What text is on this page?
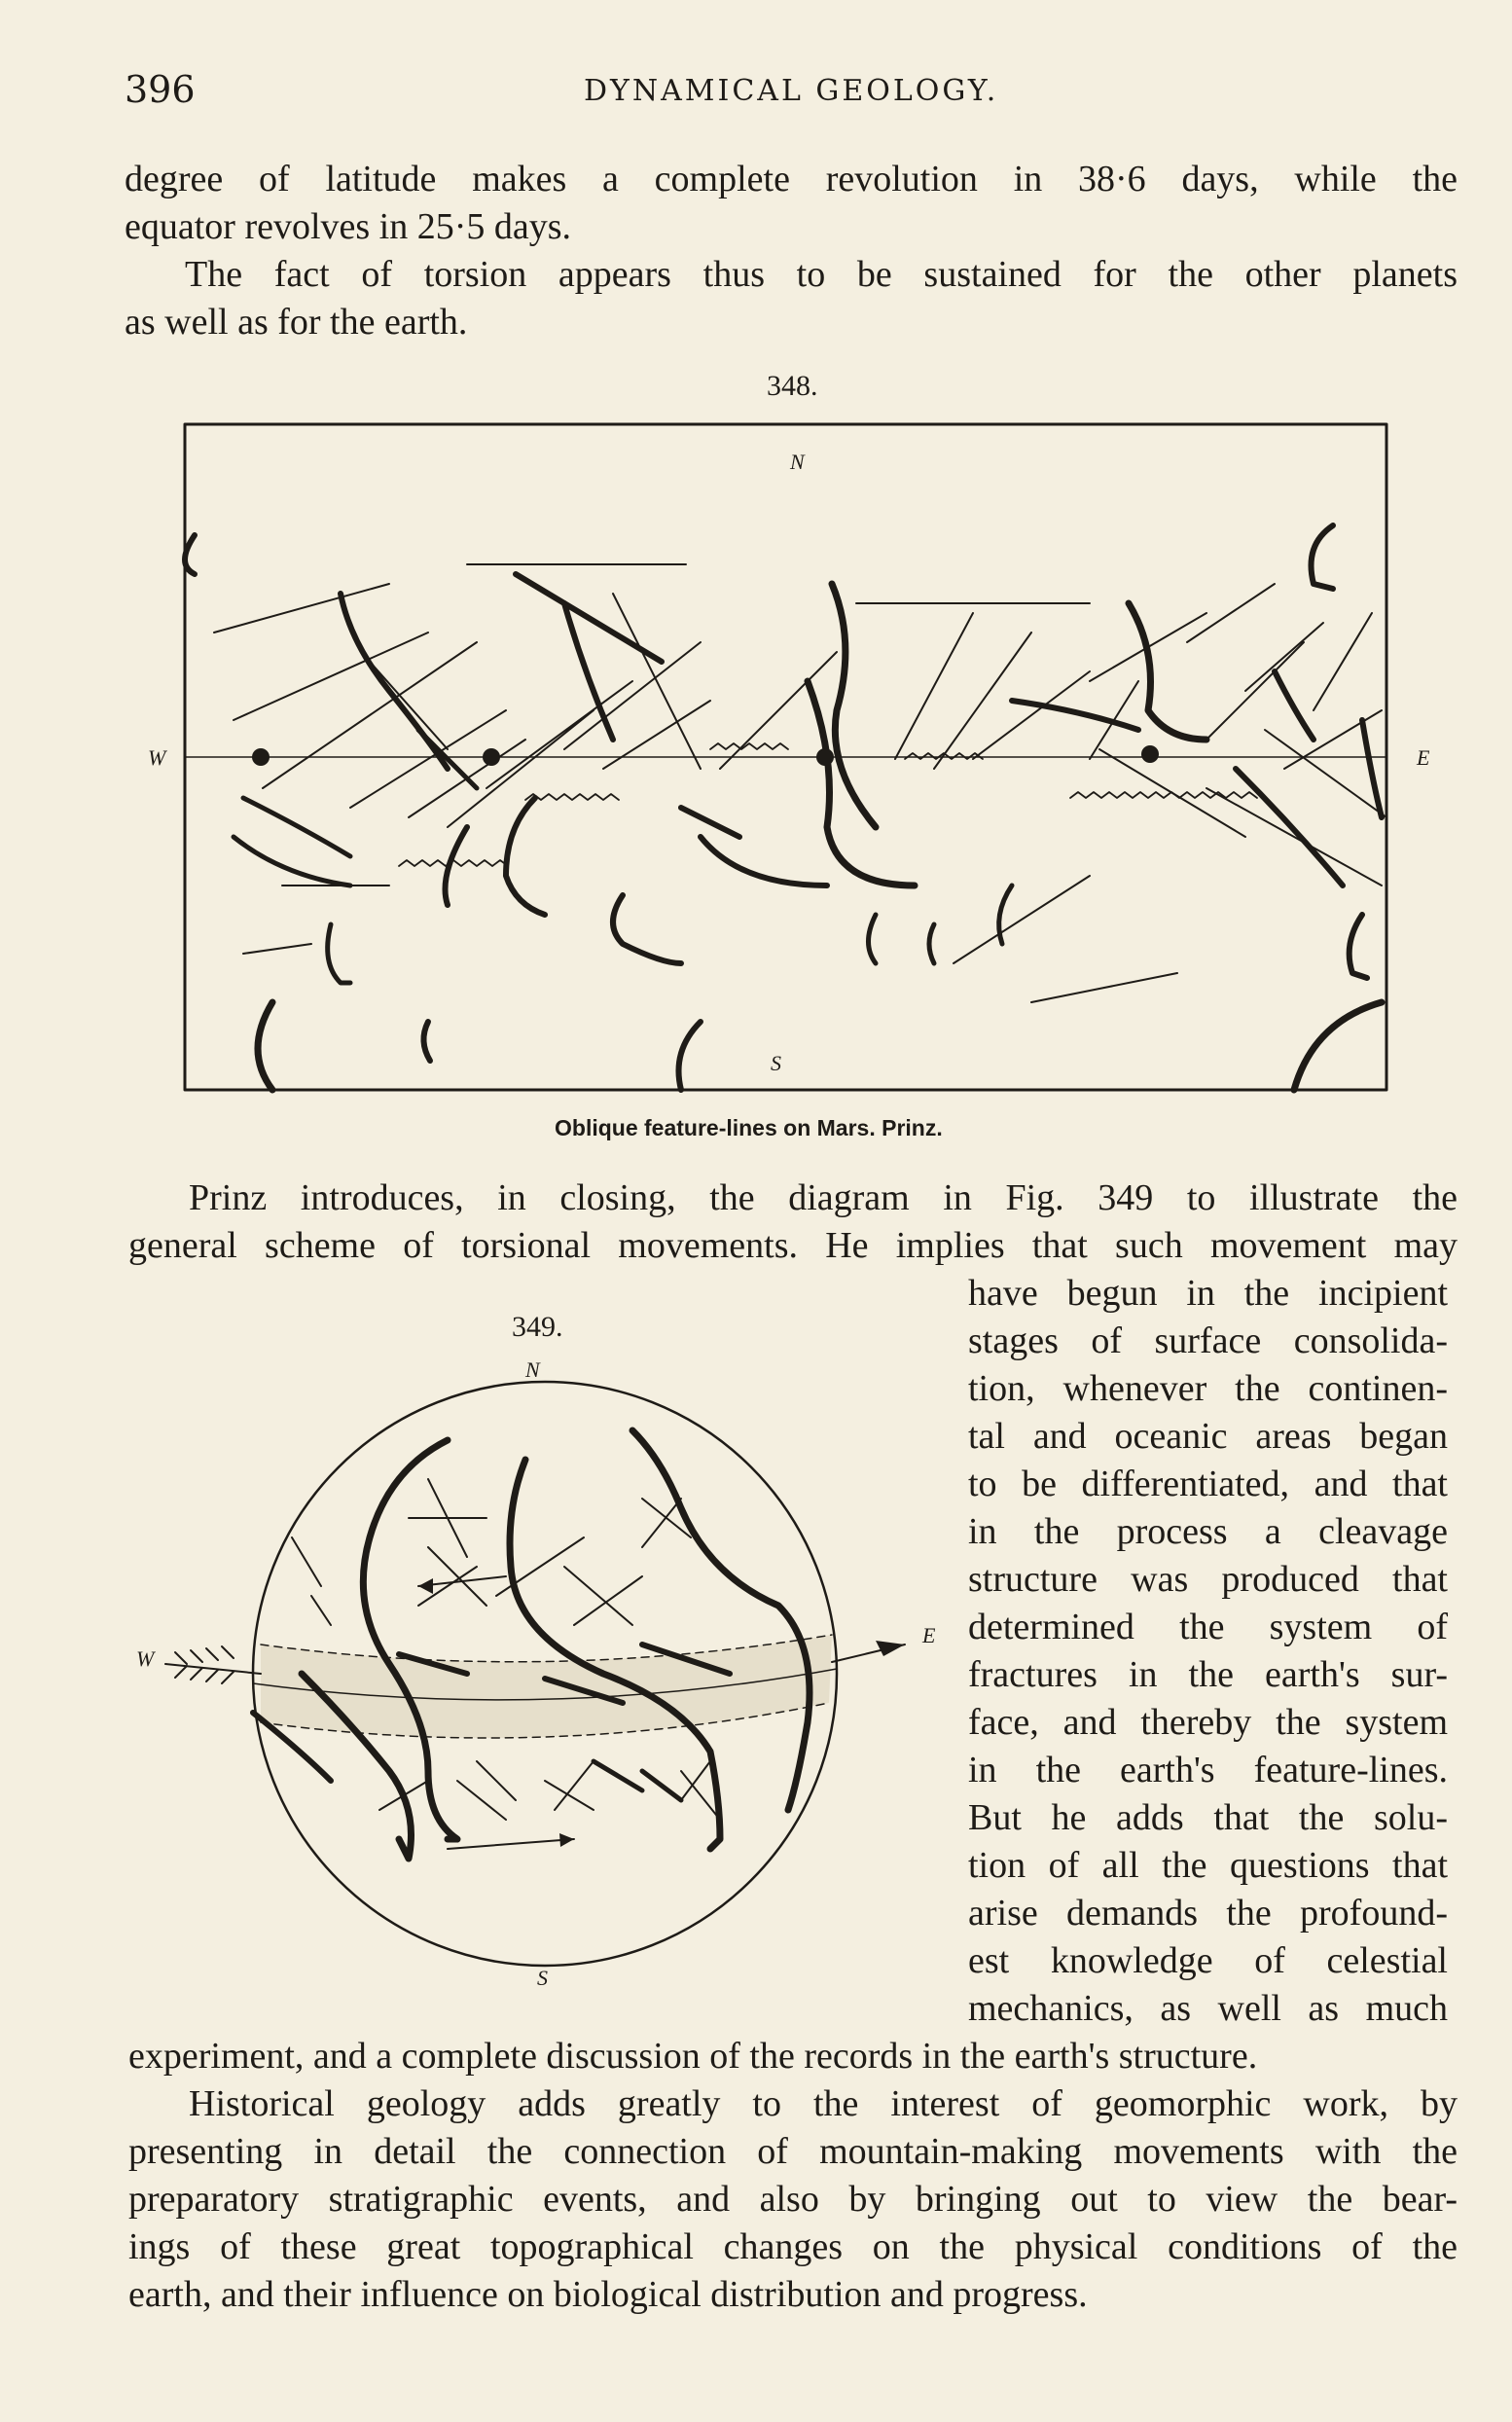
396	DYNAMICAL GEOLOGY.
degree of latitude makes a complete revolution in 38·6 days, while the
equator revolves in 25·5 days.
The fact of torsion appears thus to be sustained for the other planets
as well as for the earth.
348.
N
W	E
S
Oblique feature-lines on Mars. Prinz.
Prinz introduces, in closing, the diagram in Fig. 349 to illustrate the
general scheme of torsional movements. He implies that such movement may
349.
N
W
E
S
have begun in the incipient
stages of surface consolida-
tion, whenever the continen-
tal and oceanic areas began
to be differentiated, and that
in the process a cleavage
structure was produced that
determined the system of
fractures in the earth's sur-
face, and thereby the system
in the earth's feature-lines.
But he adds that the solu-
tion of all the questions that
arise demands the profound-
est knowledge of celestial
mechanics, as well as much
experiment, and a complete discussion of the records in the earth's structure.
Historical geology adds greatly to the interest of geomorphic work, by
presenting in detail the connection of mountain-making movements with the
preparatory stratigraphic events, and also by bringing out to view the bear-
ings of these great topographical changes on the physical conditions of the
earth, and their influence on biological distribution and progress.
